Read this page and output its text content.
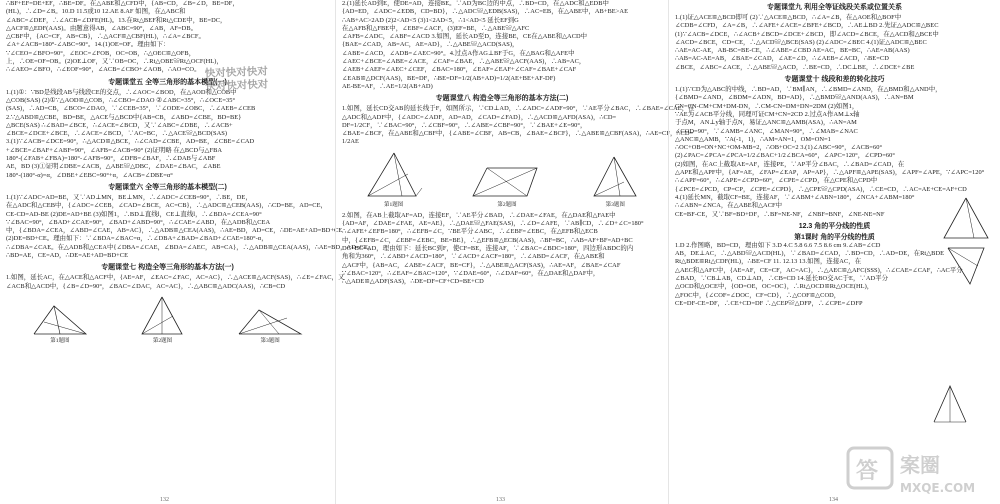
∴BF+EF=DE+EF，∴BE=DF。在△ABE和△CFD中，{AB=CD，∠B=∠D，BE=DF，
(HL)，∴∠D=∠B。10.D 11.5或10 12.AE 8.AF 如图，在△ABC和
∠ABC=∠DEF，∴∠ACB=∠DFE(HL)。13.在Rt△BEF和Rt△CDE中，BE=DC，
△ACF≌△EDF(AAS)。由题意得AB，∠ABC=90°，∠AB，AF=DB。
△CBF中，{AC=CF，AB=CB}，∴△ACF≌△CBF(HL)，∴∠A=∠BCF。
∠A+∠ACB=180°-∠ABC=90°。14.(1)OE=OF。理由如下：
∵∠CEO=∠BFO=90°，∠EOC=∠FOB，OC=OB，∴△OEC≌△OFB，
上，∴OE=OF=OB。(2)OE⊥OF，又∵OB=OC，∴Rt△OBE≌Rt△OCF(HL)，
∴∠AEO=∠BFO，∴∠EOF=90°，∠ACB=∠CBO+∠AOB，∴AO=CO。 快对快对快对
快对快对快对
专题课堂五 全等三角形的基本模型(一)
1.(1)①：∵BD是线段AB与线段CE的交点，∴∠AOC=∠BOD，在△AOD和△COB中
△COB(SAS) (2)①∵△AOD≌△COB，∴∠CBO=∠DAO ②∠ABC=35°，∴∠OCE=35°
(SAS)，∴AD=CB，∠BCO=∠DAO，∵∠CEB=35°，∵∠ODE=∠OBC，∴∠AEB=∠CEB
2.∵△ABD≌△CBE，BD=BE，△ACE与△BCD中{AB=CB，∠ABD=∠CBE，BD=BE}
△BCE(SAS) ∴∠BAD=∠BCE，∴∠ACE=∠BCD，又∵∠ABC=∠DBE，∴∠ACB+
∠BCE=∠DCE+∠BCE，∴∠ACE=∠BCD，∵AC=BC，∴△ACE≌△BCD(SAS)
3.(1)∵∠ACB=∠DCE=90°，∴△ACD≌△BCE，∴∠CAD=∠CBE，AD=BE，∠CBE=∠CAD
+∠BCE=∠BAF+∠ABF=90°，∠AFB=∠ACB=90° (2)证明略 在△BCD与△FBA
180°-(∠FAB+∠FBA)=180°-∠AFB=90°，∠DFB=∠BAF，∴∠DAB与∠ABF
AE，BD (3)①证明∠DBE=∠ACB，△ABE≌△DBC，∠DAE=∠BAC，∠ABE
180°-(180°-α)=α，∠DBE+∠EBC=90°+α，∠ACB=∠DBE=α°
专题课堂六 全等三角形的基本模型(二)
1.(1)∵∠ADC=AD=BE，又∵AD⊥MN，BE⊥MN，∴∠ADC=∠CEB=90°，∴BE，DE，
在△ADC和△CEB中，{∠ADC=∠CEB，∠CAD=∠BCE，AC=CB}，∴△ADC≌△CEB(AAS)，∴CD=BE，AD=CE，
CE-CD=AD-BE (2)DE=AD+BE (3)如图1，∴BD⊥直线l，CE⊥直线l，∴∠BDA=∠CEA=90°
∵∠BAC=90°，∠BAD+∠CAE=90°，∠BAD+∠ABD=90°，∴∠CAE=∠ABD，在△ADB和△CEA
中，{∠BDA=∠CEA，∠ABD=∠CAE，AB=AC}，∴△ADB≌△CEA(AAS)，∴AE=BD，AD=CE，∴DE=AE+AD=BD+CE
(2)DE=BD+CE。理由如下：∵∠BDA=∠BAC=α，∴∠DBA+∠BAD=∠BAD+∠CAE=180°-α，
∴∠DBA=∠CAE。在△ADB和△CEA中{∠DBA=∠CAE，∠BDA=∠AEC，AB=CA}，∴△ADB≌△CEA(AAS)，∴AE=BD，AD=CE，
∴BD=AE，CE=AD，∴DE=AE+AD=BD+CE
专题课堂七 构造全等三角形的基本方法(一)
1.如图，延长AC，在△ACE和△ACF中，{AE=AF，∠EAC=∠FAC，AC=AC}，∴△ACE≌△ACF(SAS)，∴∠E=∠FAC，又
∠ACB和△ACD中，{∠B=∠D=90°，∠BAC=∠DAC，AC=AC}，∴△ABC≌△ADC(AAS)，∴CB=CD
第1题图	第2题图	第3题图
132
2.(1)延长AD到E，使DE=AD，连接BE。∵AD为BC边的中点，∴BD=CD，在△ADC和△EDB中
{AD=ED，∠ADC=∠EDB，CD=BD}，∴△ADC≌△EDB(SAS)，∴AC=EB，在△ABE中，AB+BE>AE
∴AB+AC>2AD (2)2<AD<5 (3)1<2AD<5，∴1<AD<5 延长EF到G
在△AFB和△FBE中，∠EBF=∠ACF，(3)EF=BE，∴△ABE≌△AFC
∠AFB=∠ADC，∠ABF=∠ACD 3.如图，延长AD至D，连接BE，CE在△ABE和△ACD中
{BAE=∠CAD，AB=AC，AE=AD}，∴△ABE≌△ACD(SAS)，
∠ABE=∠ACD，∠ADB=∠AEC=90°。4.过点A作AG⊥BF于G，在△BAG和△AFE中
∠AEC+∠BCE=∠ABE=∠ACE，∠CAF=∠BAE，∴△ABE≌△ACF(AAS)，∴AB=AC，
∠AEB+∠AEF=∠AEC+∠CEF，∠BAC=180°，∠EAF=∠EAF+∠CAF=∠BAE+∠CAF
∠EAB≌△DCF(AAS)，BE=DF，∴BE=DF=1/2(AB+AD)=1/2(AE+BE+AF-DF)
AE-BE=AF，∴AE=1/2(AB+AD)
专题课堂八 构造全等三角形的基本方法(二)
1.如图，延长CD交AB的延长线于F，如图所示，∵CD⊥AD，∴∠ADC=∠ADF=90°，∵AE平分∠BAC，∴∠BAE=∠CAE，在
△ADC和△ADF中，{∠ADC=∠ADF，AD=AD，∠CAD=∠FAD}，∴△ACD≌△AFD(ASA)，∴CD=
DF=1/2CF，∵∠BAC=90°，∴∠CBF=90°，∴∠ABE=∠CBF=90°，∵∠BAE+∠E=90°，
∠BAE=∠BCF，在△ABE和△CBF中，{∠ABE=∠CBF，AB=CB，∠BAE=∠BCF}，∴△ABE≌△CBF(ASA)，∴AE=CF，∴CD=
1/2AE
第1题图	第2题图	第3题图
2.如图，在AB上截取AF=AD，连接EF，∵AE平分∠BAD，∴∠DAE=∠FAE，在△DAE和△FAE中
{AD=AF，∠DAE=∠FAE，AE=AE}，∴△DAE≌△FAE(SAS)，∴∠D=∠AFE，∵AB∥CD，∴∠D+∠C=180°
∴∠AFE+∠EFB=180°，∴∠EFB=∠C，∵BE平分∠ABC，∴∠EBF=∠EBC，在△EFB和△ECB
中，{∠EFB=∠C，∠EBF=∠EBC，BE=BE}，∴△EFB≌△ECB(AAS)，∴BF=BC，∴AB=AF+BF=AD+BC
DC+BC=AD，理由如下：延长BC到F，使CF=BE，连接AF，∵∠BAC=∠BDC=180°，四边形ABDC的内
角和为360°，∴∠ABD+∠ACD=180°，∵∠ACD+∠ACF=180°，∴∠ABD=∠ACF，在△ABE和
△ACF中，{AB=AC，∠ABE=∠ACF，BE=CF}，∴△ABE≌△ACF(SAS)，∴AE=AF，∠BAE=∠CAF
∵∠BAC=120°，∴∠EAF=∠BAC=120°，∵∠DAE=60°，∴∠DAF=60°，在△DAE和△DAF中，
∴△ADE≌△ADF(SAS)，∴DE=DF=CF+CD=BE+CD
133
专题课堂九 利用全等证线段关系或位置关系
1.(1)证△ACE≌△BCD即可 (2)∵△ACE≌△BCD，∴∠A=∠B，在△AOE和△BOF中
∠CDB=∠CFD，∠A=∠B，∴∠AFE+∠ACE=∠BFE+∠BCD，∴AE⊥BD 2.先证△ADC≌△BEC
(1)∵∠ACB=∠DCE，∴∠ACB+∠BCD=∠DCE+∠BCD，即∠ACD=∠BCE，在△ACD和△BCE中
∠ACD=∠BCE，CD=CE，∴△ACD≌△BCE(SAS) (2)∠ADC=∠BEC 4.(1)证△ADC≌△BEC
∴AE=AC-AE，AB-BC=BE-CE，∴∠ABE=∠CBD AE=AC，BE=BC，∴AE=AB(AAS)
∴AB=AC-AE=AB，∠BAE=∠CAD，∠AE=∠D，∴∠AEB=∠ACD，∴BE=CD
∠BCE，∠ABC=∠ACE，∴△ABE≌△ACD，∴BE=CD，∴DC⊥BE，∴∠DCE+∠BE
专题课堂十 线段和差的转化技巧
1.(1)∵CD为△ABC的中线，∴BD=AD，∵BM∥AN，∴∠BMD=∠AND，在△BMD和△AND中，
{∠BMD=∠AND，∠BDM=∠ADN，BD=AD}，∴△BMD≌△AND(AAS)，∴AN=BM
CN=CN-CM+CM+DM-DN，∴CM-CN=DM+DN=2DM (2)如图1，
∵AE为∠ACB平分线，同理可证CM+CN=2CD 2.过点A作AM⊥x轴
于点M，AN⊥y轴于点N，易证△ANC≌△AMB(ASA)，∴AN=AM
∠COD=90°，∵∠AMB=∠ANC，∠MAN=90°，∴∠MAB=∠NAC
△ANC≌△AMB，∵A(-1，1)，∴AM=AN=1，OM=ON=1
∴OC+OB=ON+NC+OM-MB=2，∴OB+OC=2 3.(1)∠ABC=90°，∠ACB=60°
(2)∠PAC=∠PCA=∠PCA=1/2∠BAC+1/2∠BCA=60°，∠APC=120°，∠CPD=60°
(2)如图，在AC上截取AE=AF，连接PE，∵AP平分∠BAC，∴∠BAD=∠CAD，在
△APE和△APF中，{AF=AE，∠FAP=∠EAP，AP=AP}，∴△APF≌△APE(SAS)，∠APF=∠APE，∵∠APC=120°
∴∠APF=60°，∴∠APE=∠CPD=60°，∠CPE=∠CPD，在△CPE和△CPD中
{∠PCE=∠PCD，CP=CP，∠CPE=∠CPD}，∴△CPE≌△CPD(ASA)，∴CE=CD，∴AC=AE+CE=AF+CD
4.(1)延长MN，截取CF=BE，连接AF，∵∠ABM+∠ABN=180°，∠NCA+∠ABM=180°
∴∠ABN=∠NCA，在△ABE和△ACF中
CE=BF-CE，又∵BF=BD+DF，∴BF=NE-NF，∠NBF=BNF，∠NE-NE=NF
12.3 角的平分线的性质
第1课时 角的平分线的性质
1.D 2.作图略，BD=CD，理由如下 3.D 4.C 5.8 6.6 7.5 8.6 cm 9.∠AB=∠CD
AB，DE⊥AC，∴△ABD≌△ACD(HL)，∵∠BAD=∠CAD，∴BD=CD，∴AD=DE，在Rt△BDE
Rt△BDE≌Rt△CDF(HL)，∴BE=CF 11. 12.13 13.如图，连接AC，在
△AEC和△AFC中，{AE=AF，CE=CF，AC=AC}，∴△AEC≌△AFC(SSS)，∴∠CAE=∠CAF，∴AC平分
∠BAD，∵CB⊥AB，CD⊥AD，∴CB=CD 14.延长BO交AC于E，∵AD平分
△OCD和△OCE中，{OD=OE，OC=OC}，∴Rt△OCD≌Rt△OCE(HL)，
△FOC中，{∠COF=∠DOC，CF=CD}，∴△COF≌△COD，
CE=DF-CE=DF，∴CE+CD=DF ∴△CEP≌△DFP，∴∠CPE=∠DFP
答 案圈
MXQE.COM
134
